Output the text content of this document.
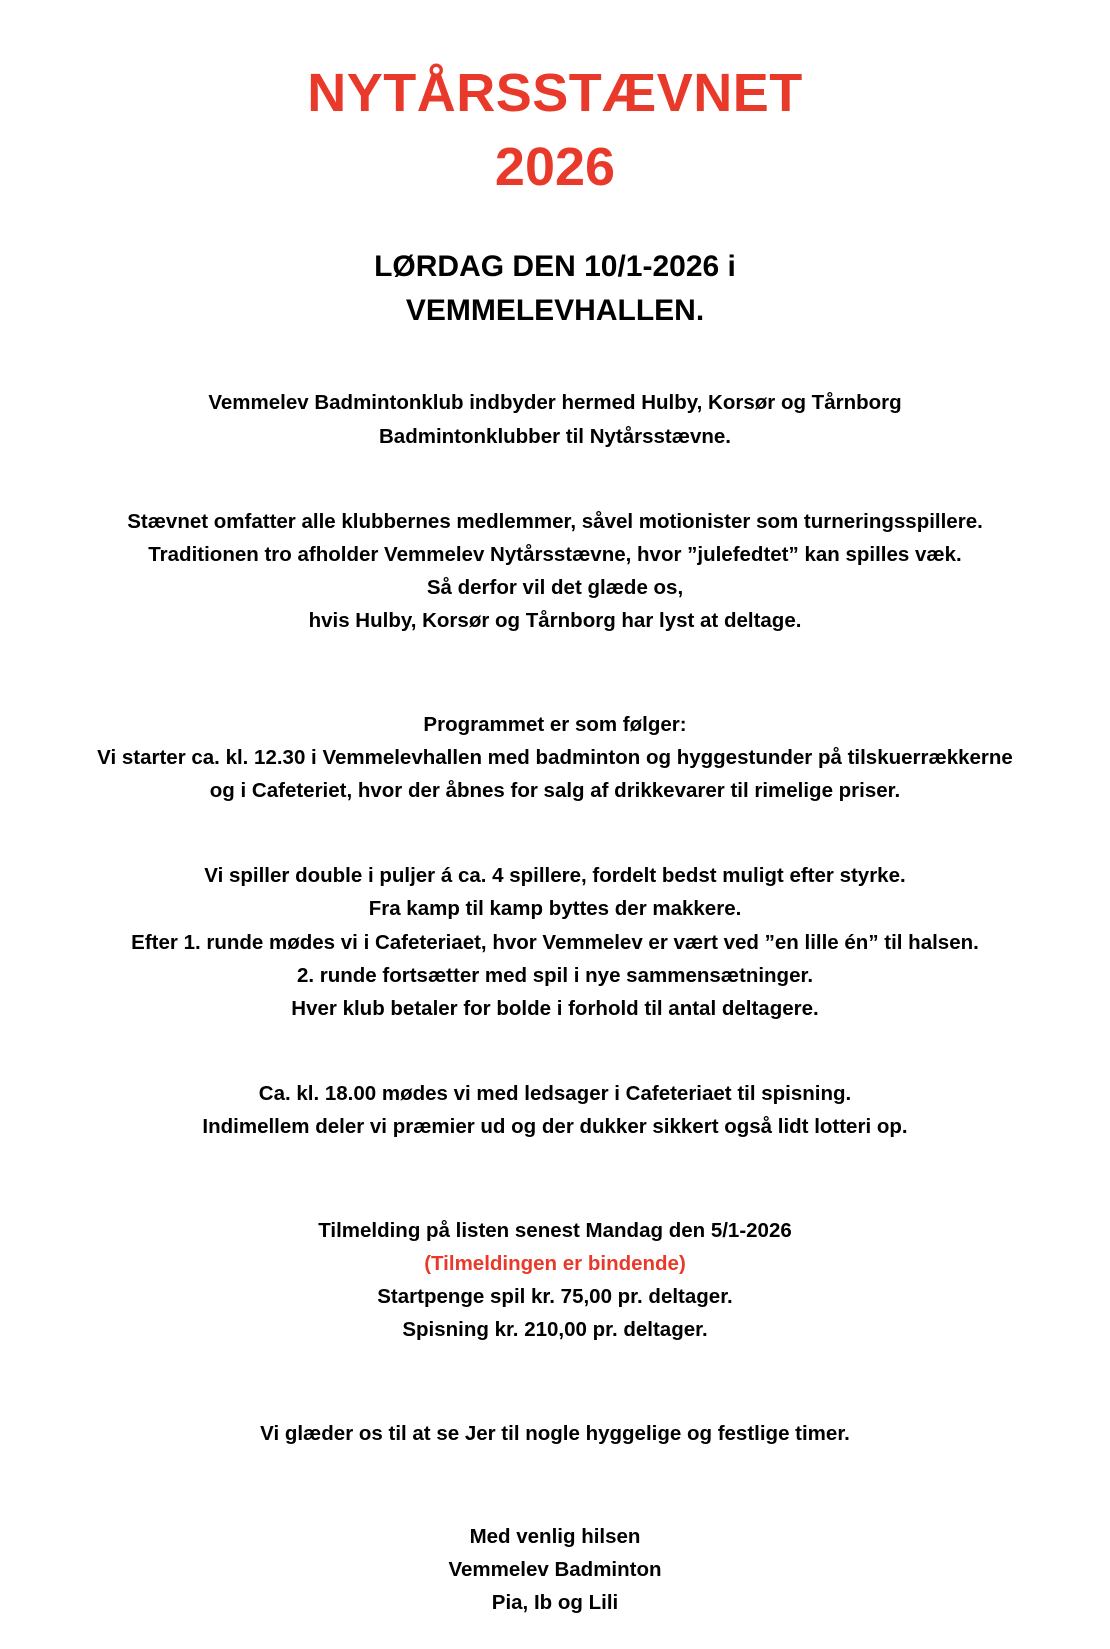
NYTÅRSSTÆVNET
2026
LØRDAG DEN 10/1-2026 i
VEMMELEVHALLEN.

Vemmelev Badmintonklub indbyder hermed Hulby, Korsør og Tårnborg
Badmintonklubber til Nytårsstævne.

Stævnet omfatter alle klubbernes medlemmer, såvel motionister som turneringsspillere.
Traditionen tro afholder Vemmelev Nytårsstævne, hvor ”julefedtet” kan spilles væk.
Så derfor vil det glæde os,
hvis Hulby, Korsør og Tårnborg har lyst at deltage.

Programmet er som følger:
Vi starter ca. kl. 12.30 i Vemmelevhallen med badminton og hyggestunder på tilskuerrækkerne
og i Cafeteriet, hvor der åbnes for salg af drikkevarer til rimelige priser.

Vi spiller double i puljer á ca. 4 spillere, fordelt bedst muligt efter styrke.
Fra kamp til kamp byttes der makkere.
Efter 1. runde mødes vi i Cafeteriaet, hvor Vemmelev er vært ved ”en lille én” til halsen.
2. runde fortsætter med spil i nye sammensætninger.
Hver klub betaler for bolde i forhold til antal deltagere.

Ca. kl. 18.00 mødes vi med ledsager i Cafeteriaet til spisning.
Indimellem deler vi præmier ud og der dukker sikkert også lidt lotteri op.

Tilmelding på listen senest Mandag den 5/1-2026

(Tilmeldingen er bindende)

Startpenge spil kr. 75,00 pr. deltager.
Spisning kr. 210,00 pr. deltager.

Vi glæder os til at se Jer til nogle hyggelige og festlige timer.

Med venlig hilsen
Vemmelev Badminton
Pia, Ib og Lili
